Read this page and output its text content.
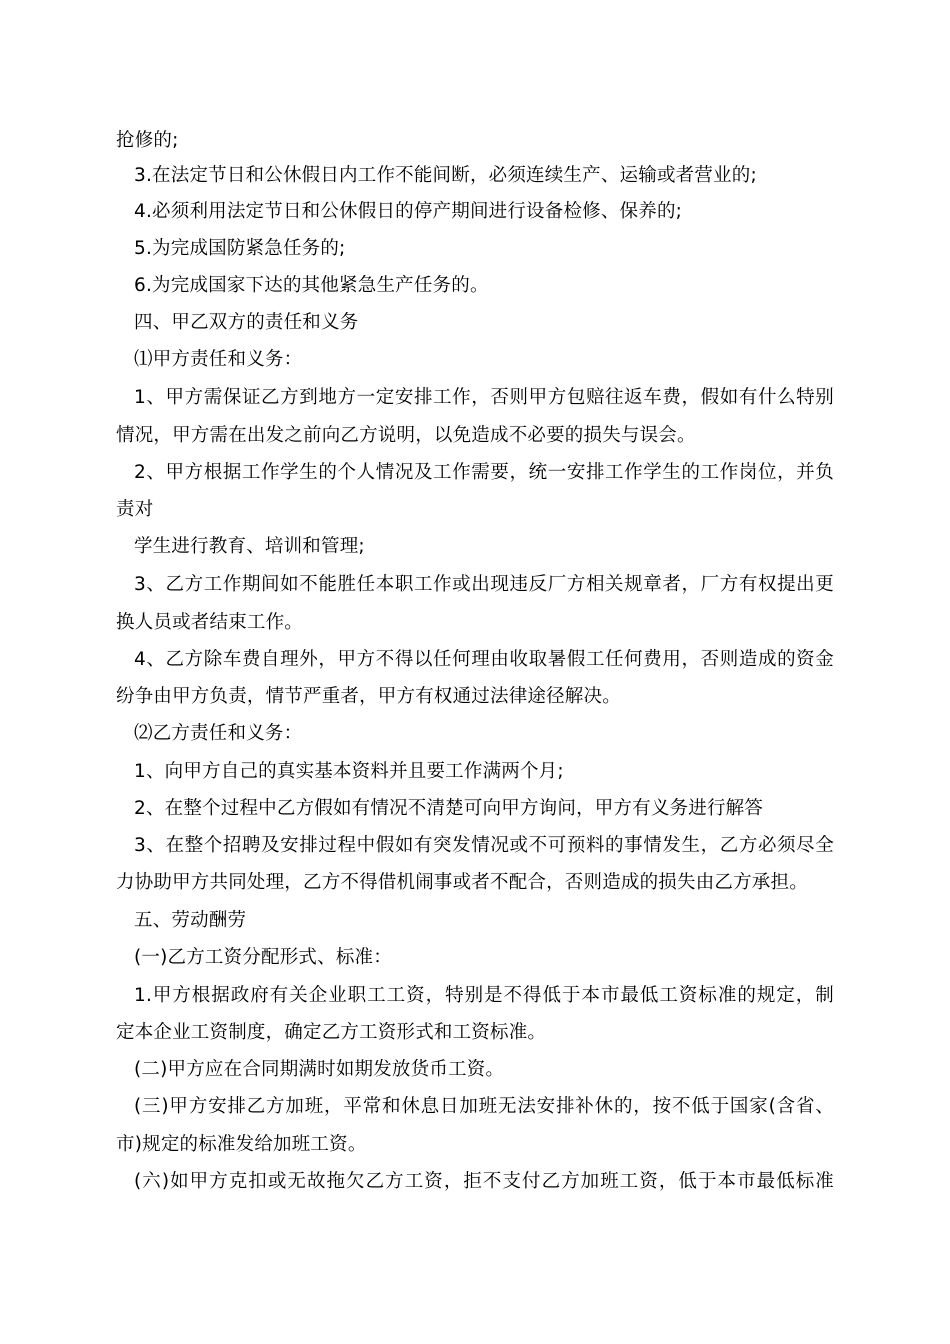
抢修的;
3.在法定节日和公休假日内工作不能间断，必须连续生产、运输或者营业的;
4.必须利用法定节日和公休假日的停产期间进行设备检修、保养的;
5.为完成国防紧急任务的;
6.为完成国家下达的其他紧急生产任务的。
四、甲乙双方的责任和义务
⑴甲方责任和义务：
1、甲方需保证乙方到地方一定安排工作，否则甲方包赔往返车费，假如有什么特别
情况，甲方需在出发之前向乙方说明，以免造成不必要的损失与误会。
2、甲方根据工作学生的个人情况及工作需要，统一安排工作学生的工作岗位，并负
责对
学生进行教育、培训和管理;
3、乙方工作期间如不能胜任本职工作或出现违反厂方相关规章者，厂方有权提出更
换人员或者结束工作。
4、乙方除车费自理外，甲方不得以任何理由收取暑假工任何费用，否则造成的资金
纷争由甲方负责，情节严重者，甲方有权通过法律途径解决。
⑵乙方责任和义务：
1、向甲方自己的真实基本资料并且要工作满两个月;
2、在整个过程中乙方假如有情况不清楚可向甲方询问，甲方有义务进行解答
3、在整个招聘及安排过程中假如有突发情况或不可预料的事情发生，乙方必须尽全
力协助甲方共同处理，乙方不得借机闹事或者不配合，否则造成的损失由乙方承担。
五、劳动酬劳
(一)乙方工资分配形式、标准：
1.甲方根据政府有关企业职工工资，特别是不得低于本市最低工资标准的规定，制
定本企业工资制度，确定乙方工资形式和工资标准。
(二)甲方应在合同期满时如期发放货币工资。
(三)甲方安排乙方加班，平常和休息日加班无法安排补休的，按不低于国家(含省、
市)规定的标准发给加班工资。
(六)如甲方克扣或无故拖欠乙方工资，拒不支付乙方加班工资，低于本市最低标准
